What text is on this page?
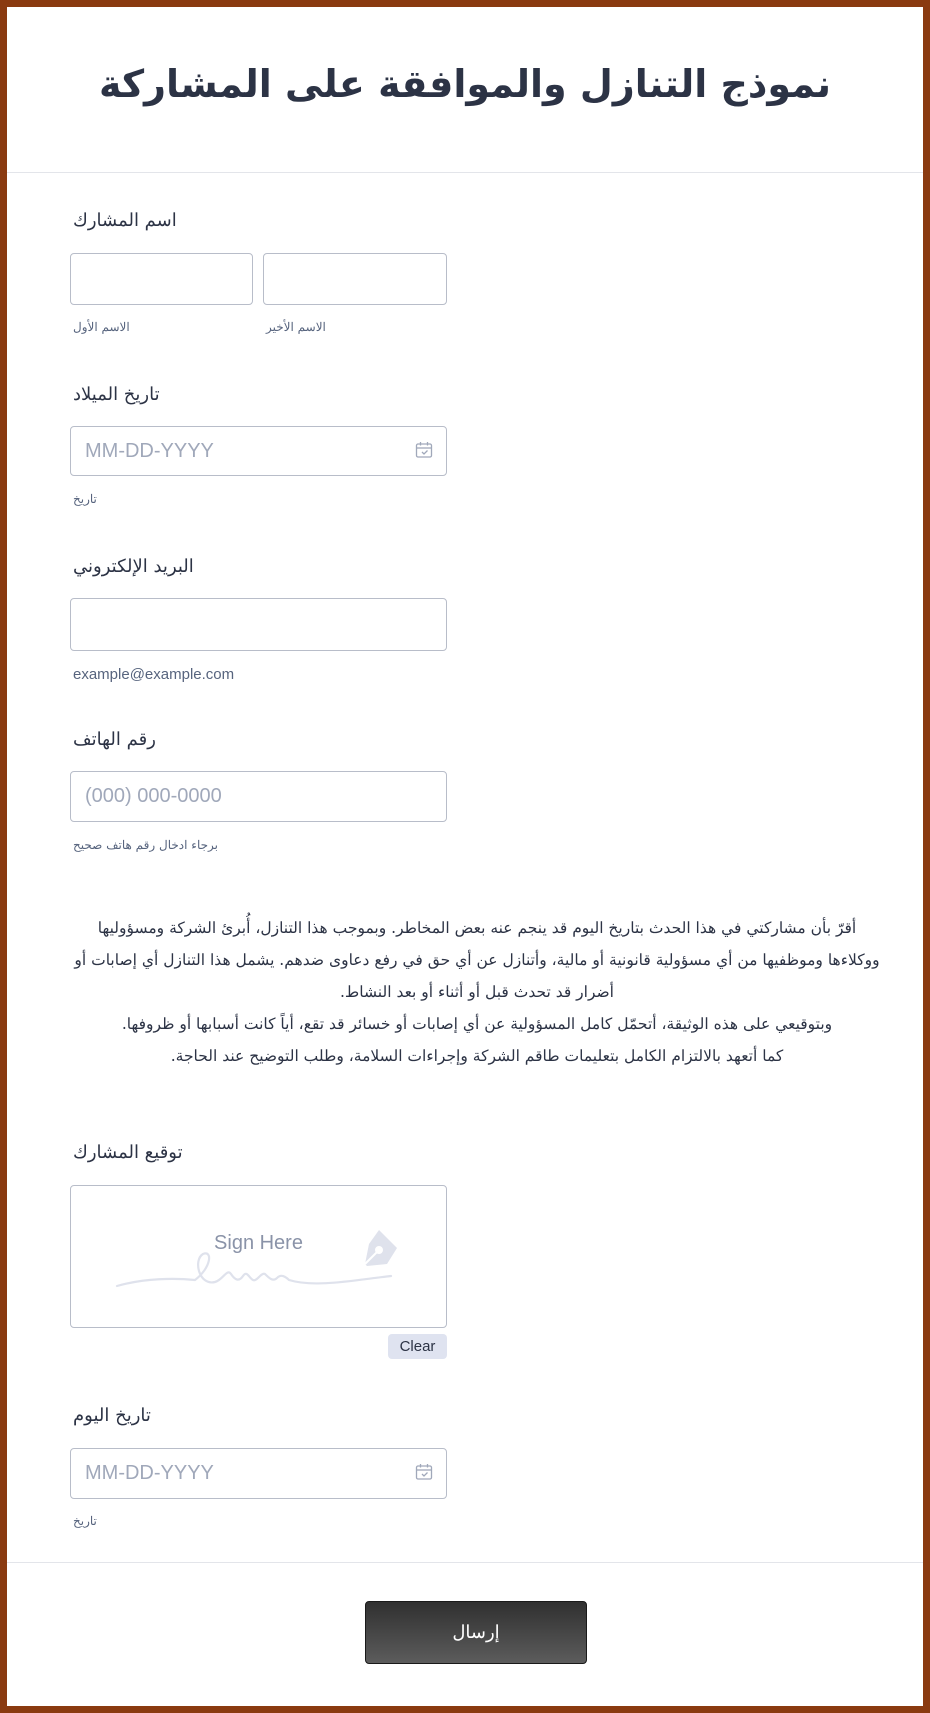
نموذج التنازل والموافقة على المشاركة
اسم المشارك
الاسم الأول	الاسم الأخير
تاريخ الميلاد
MM-DD-YYYY
تاريخ
البريد الإلكتروني
example@example.com
رقم الهاتف
(000) 000-0000
برجاء ادخال رقم هاتف صحيح
أقرّ بأن مشاركتي في هذا الحدث بتاريخ اليوم قد ينجم عنه بعض المخاطر. وبموجب هذا التنازل، أُبرئ الشركة ومسؤوليها
ووكلاءها وموظفيها من أي مسؤولية قانونية أو مالية، وأتنازل عن أي حق في رفع دعاوى ضدهم. يشمل هذا التنازل أي إصابات أو
أضرار قد تحدث قبل أو أثناء أو بعد النشاط.
وبتوقيعي على هذه الوثيقة، أتحمّل كامل المسؤولية عن أي إصابات أو خسائر قد تقع، أياً كانت أسبابها أو ظروفها.
كما أتعهد بالالتزام الكامل بتعليمات طاقم الشركة وإجراءات السلامة، وطلب التوضيح عند الحاجة.
توقيع المشارك
Sign Here
Clear
تاريخ اليوم
MM-DD-YYYY
تاريخ
إرسال
